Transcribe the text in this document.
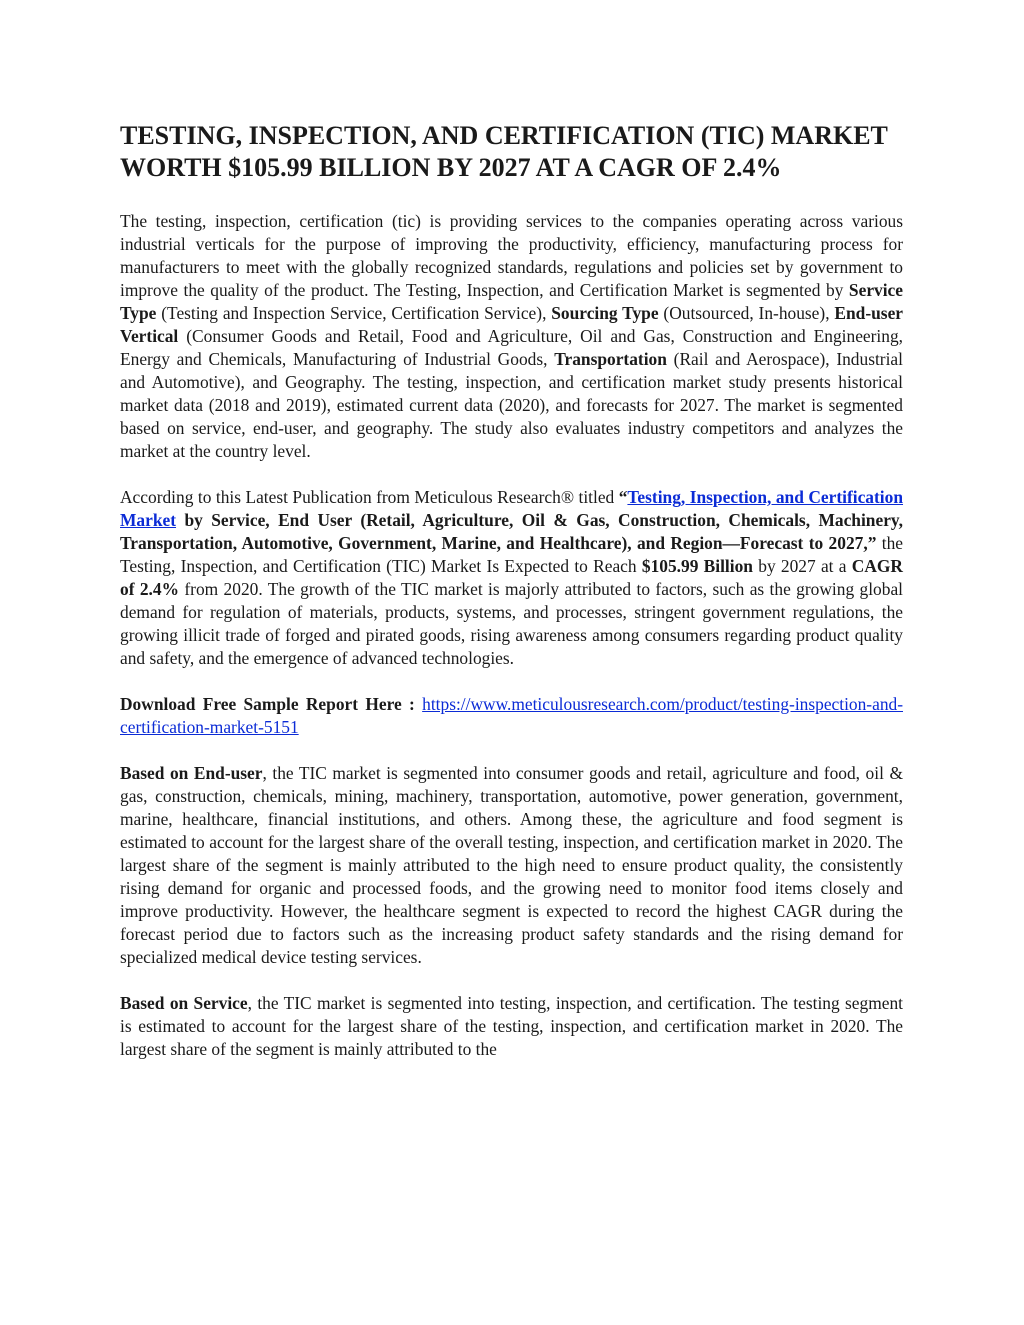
TESTING, INSPECTION, AND CERTIFICATION (TIC) MARKET WORTH $105.99 BILLION BY 2027 AT A CAGR OF 2.4%

The testing, inspection, certification (tic) is providing services to the companies operating across various industrial verticals for the purpose of improving the productivity, efficiency, manufacturing process for manufacturers to meet with the globally recognized standards, regulations and policies set by government to improve the quality of the product. The Testing, Inspection, and Certification Market is segmented by Service Type (Testing and Inspection Service, Certification Service), Sourcing Type (Outsourced, In-house), End-user Vertical (Consumer Goods and Retail, Food and Agriculture, Oil and Gas, Construction and Engineering, Energy and Chemicals, Manufacturing of Industrial Goods, Transportation (Rail and Aerospace), Industrial and Automotive), and Geography. The testing, inspection, and certification market study presents historical market data (2018 and 2019), estimated current data (2020), and forecasts for 2027. The market is segmented based on service, end-user, and geography. The study also evaluates industry competitors and analyzes the market at the country level.

According to this Latest Publication from Meticulous Research® titled “Testing, Inspection, and Certification Market by Service, End User (Retail, Agriculture, Oil & Gas, Construction, Chemicals, Machinery, Transportation, Automotive, Government, Marine, and Healthcare), and Region—Forecast to 2027,” the Testing, Inspection, and Certification (TIC) Market Is Expected to Reach $105.99 Billion by 2027 at a CAGR of 2.4% from 2020. The growth of the TIC market is majorly attributed to factors, such as the growing global demand for regulation of materials, products, systems, and processes, stringent government regulations, the growing illicit trade of forged and pirated goods, rising awareness among consumers regarding product quality and safety, and the emergence of advanced technologies.

Download Free Sample Report Here : https://www.meticulousresearch.com/product/testing-inspection-and-certification-market-5151

Based on End-user, the TIC market is segmented into consumer goods and retail, agriculture and food, oil & gas, construction, chemicals, mining, machinery, transportation, automotive, power generation, government, marine, healthcare, financial institutions, and others. Among these, the agriculture and food segment is estimated to account for the largest share of the overall testing, inspection, and certification market in 2020. The largest share of the segment is mainly attributed to the high need to ensure product quality, the consistently rising demand for organic and processed foods, and the growing need to monitor food items closely and improve productivity. However, the healthcare segment is expected to record the highest CAGR during the forecast period due to factors such as the increasing product safety standards and the rising demand for specialized medical device testing services.

Based on Service, the TIC market is segmented into testing, inspection, and certification. The testing segment is estimated to account for the largest share of the testing, inspection, and certification market in 2020. The largest share of the segment is mainly attributed to the
